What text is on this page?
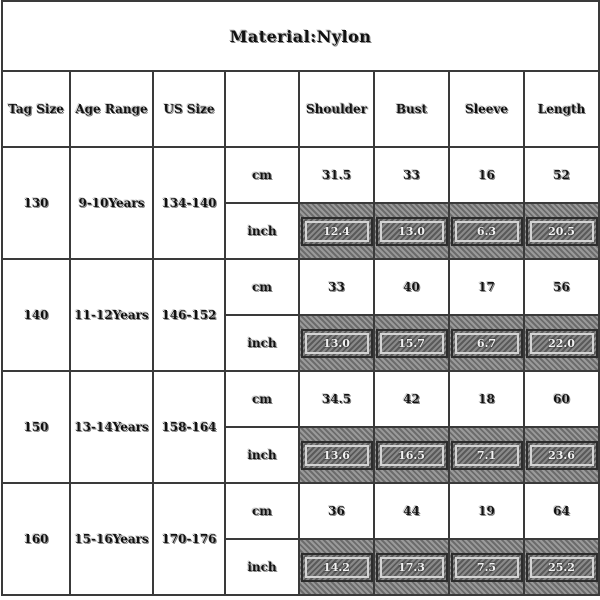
Material:Nylon							
Tag Size	Age Range	US Size		Shoulder	Bust	Sleeve	Length
130	9-10Years	134-140	cm	31.5	33	16	52
			inch	12.4	13.0	6.3	20.5
140	11-12Years	146-152	cm	33	40	17	56
			inch	13.0	15.7	6.7	22.0
150	13-14Years	158-164	cm	34.5	42	18	60
			inch	13.6	16.5	7.1	23.6
160	15-16Years	170-176	cm	36	44	19	64
			inch	14.2	17.3	7.5	25.2
